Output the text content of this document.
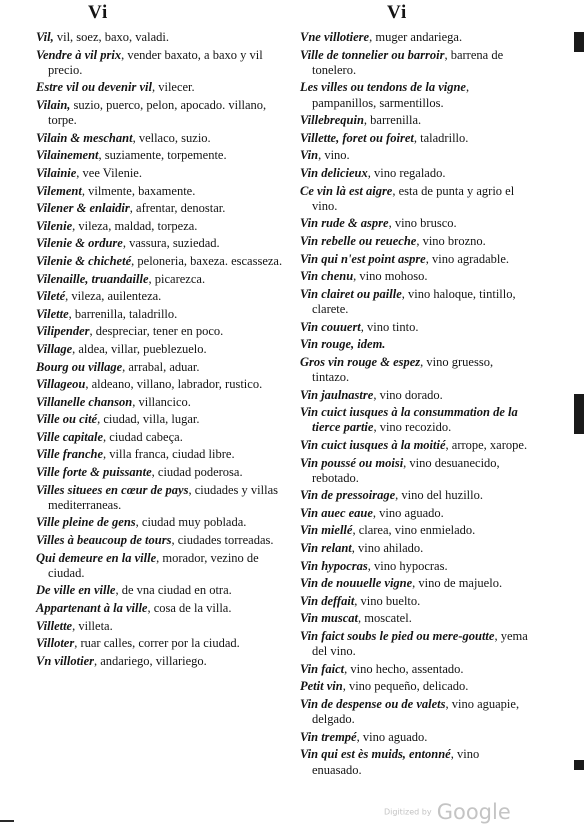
Vi	Vi
Vil, vil, soez, baxo, valadi.
Vendre à vil prix, vender baxato, a baxo y vil precio.
Estre vil ou devenir vil, vilecer.
Vilain, suzio, puerco, pelon, apocado. villano, torpe.
Vilain & meschant, vellaco, suzio.
Vilainement, suziamente, torpemente.
Vilainie, vee Vilenie.
Vilement, vilmente, baxamente.
Vilener & enlaidir, afrentar, denostar.
Vilenie, vileza, maldad, torpeza.
Vilenie & ordure, vassura, suziedad.
Vilenie & chicheté, peloneria, baxeza. escasseza.
Vilenaille, truandaille, picarezca.
Vileté, vileza, auilenteza.
Vilette, barrenilla, taladrillo.
Vilipender, despreciar, tener en poco.
Village, aldea, villar, pueblezuelo.
Bourg ou village, arrabal, aduar.
Villageou, aldeano, villano, labrador, rustico.
Villanelle chanson, villancico.
Ville ou cité, ciudad, villa, lugar.
Ville capitale, ciudad cabeça.
Ville franche, villa franca, ciudad libre.
Ville forte & puissante, ciudad poderosa.
Villes situees en cœur de pays, ciudades y villas mediterraneas.
Ville pleine de gens, ciudad muy poblada.
Villes à beaucoup de tours, ciudades torreadas.
Qui demeure en la ville, morador, vezino de ciudad.
De ville en ville, de vna ciudad en otra.
Appartenant à la ville, cosa de la villa.
Villette, villeta.
Villoter, ruar calles, correr por la ciudad.
Vn villotier, andariego, villariego.
Vne villotiere, muger andariega.
Ville de tonnelier ou barroir, barrena de tonelero.
Les villes ou tendons de la vigne, pampanillos, sarmentillos.
Villebrequin, barrenilla.
Villette, foret ou foiret, taladrillo.
Vin, vino.
Vin delicieux, vino regalado.
Ce vin là est aigre, esta de punta y agrio el vino.
Vin rude & aspre, vino brusco.
Vin rebelle ou reueche, vino brozno.
Vin qui n'est point aspre, vino agradable.
Vin chenu, vino mohoso.
Vin clairet ou paille, vino haloque, tintillo, clarete.
Vin couuert, vino tinto.
Vin rouge, idem.
Gros vin rouge & espez, vino gruesso, tintazo.
Vin jaulnastre, vino dorado.
Vin cuict iusques à la consummation de la tierce partie, vino recozido.
Vin cuict iusques à la moitié, arrope, xarope.
Vin poussé ou moisi, vino desuanecido, rebotado.
Vin de pressoirage, vino del huzillo.
Vin auec eaue, vino aguado.
Vin miellé, clarea, vino enmielado.
Vin relant, vino ahilado.
Vin hypocras, vino hypocras.
Vin de nouuelle vigne, vino de majuelo.
Vin deffait, vino buelto.
Vin muscat, moscatel.
Vin faict soubs le pied ou mere-goutte, yema del vino.
Vin faict, vino hecho, assentado.
Petit vin, vino pequeño, delicado.
Vin de despense ou de valets, vino aguapie, delgado.
Vin trempé, vino aguado.
Vin qui est ès muids, entonné, vino enuasado.
Digitized by Google
